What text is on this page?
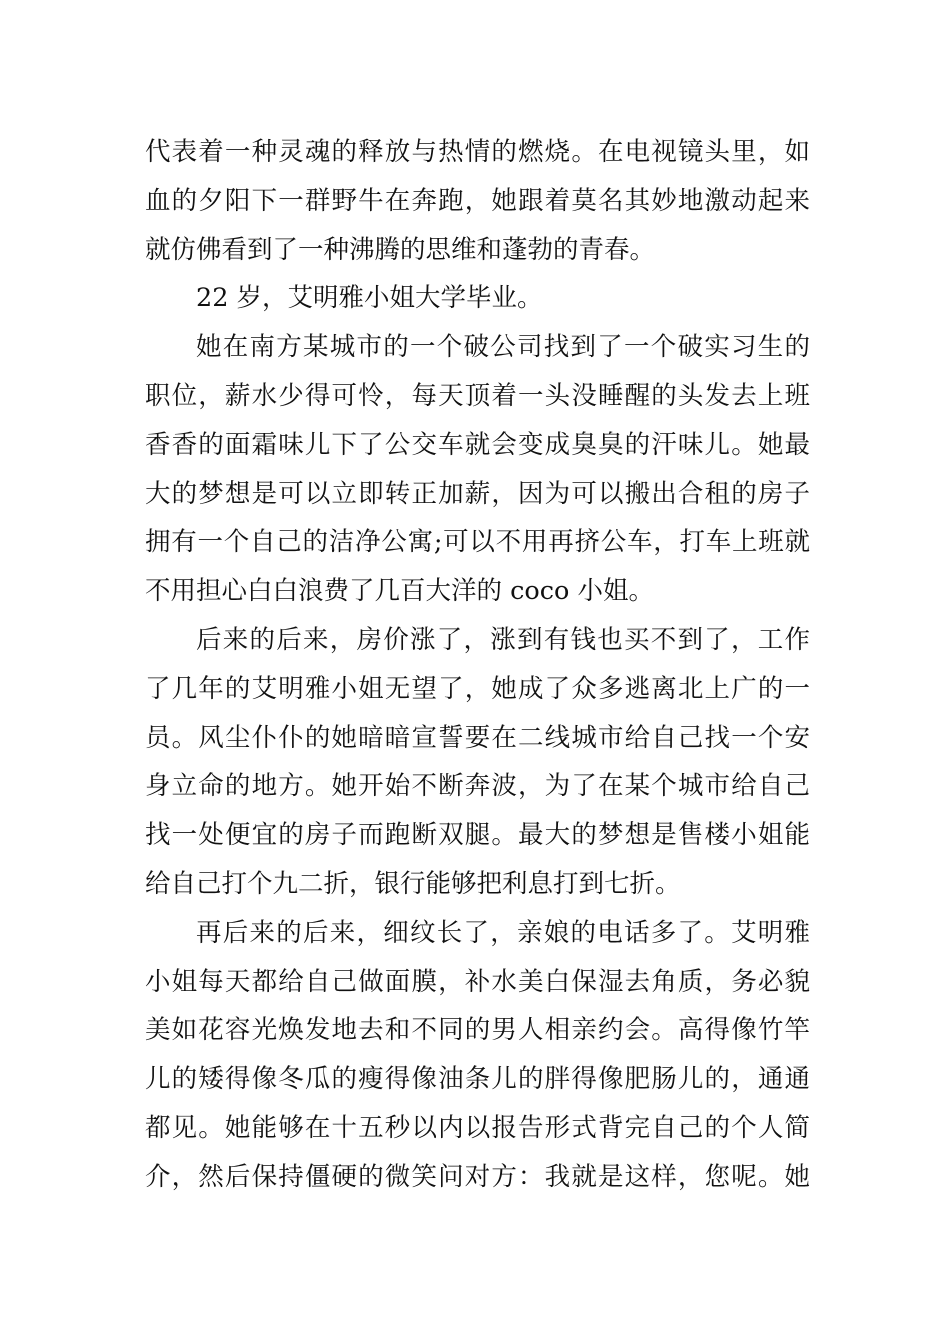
代表着一种灵魂的释放与热情的燃烧。在电视镜头里，如
血的夕阳下一群野牛在奔跑，她跟着莫名其妙地激动起来
就仿佛看到了一种沸腾的思维和蓬勃的青春。
22 岁，艾明雅小姐大学毕业。
她在南方某城市的一个破公司找到了一个破实习生的
职位，薪水少得可怜，每天顶着一头没睡醒的头发去上班
香香的面霜味儿下了公交车就会变成臭臭的汗味儿。她最
大的梦想是可以立即转正加薪，因为可以搬出合租的房子
拥有一个自己的洁净公寓;可以不用再挤公车，打车上班就
不用担心白白浪费了几百大洋的 coco 小姐。
后来的后来，房价涨了，涨到有钱也买不到了，工作
了几年的艾明雅小姐无望了，她成了众多逃离北上广的一
员。风尘仆仆的她暗暗宣誓要在二线城市给自己找一个安
身立命的地方。她开始不断奔波，为了在某个城市给自己
找一处便宜的房子而跑断双腿。最大的梦想是售楼小姐能
给自己打个九二折，银行能够把利息打到七折。
再后来的后来，细纹长了，亲娘的电话多了。艾明雅
小姐每天都给自己做面膜，补水美白保湿去角质，务必貌
美如花容光焕发地去和不同的男人相亲约会。高得像竹竿
儿的矮得像冬瓜的瘦得像油条儿的胖得像肥肠儿的，通通
都见。她能够在十五秒以内以报告形式背完自己的个人简
介，然后保持僵硬的微笑问对方：我就是这样，您呢。她
